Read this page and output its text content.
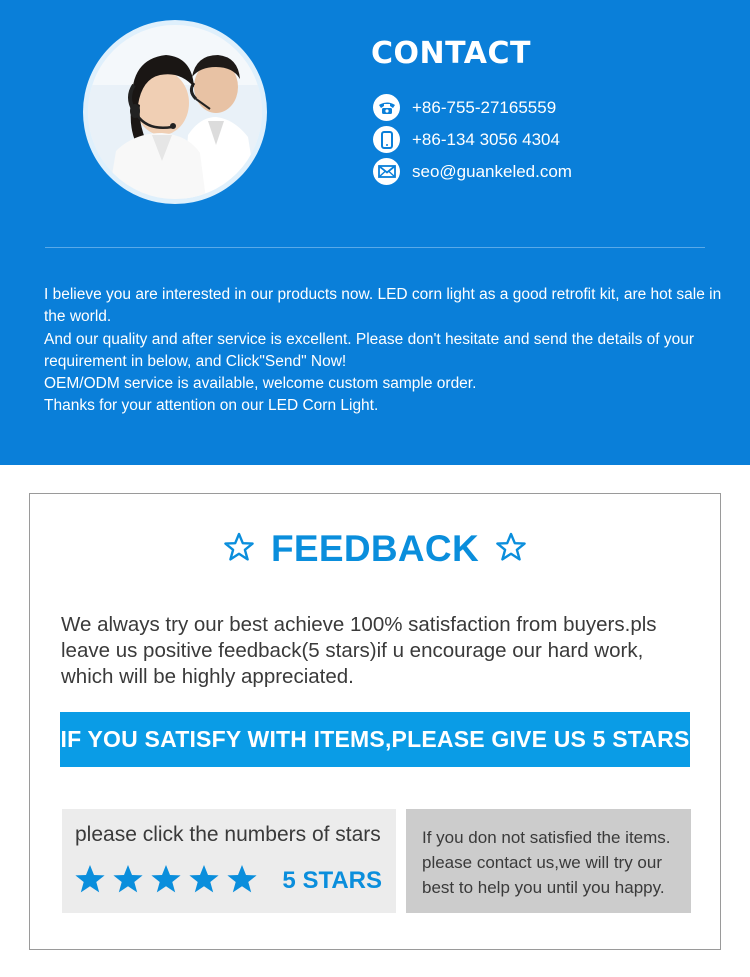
CONTACT
+86-755-27165559
+86-134 3056 4304
seo@guankeled.com

I believe you are interested in our products now. LED corn light as a good retrofit kit, are hot sale in the world.

And our quality and after service is excellent. Please don't hesitate and send the details of your requirement in below, and Click"Send" Now!

OEM/ODM service is available, welcome custom sample order.

Thanks for your attention on our LED Corn Light.

FEEDBACK

We always try our best achieve 100% satisfaction from buyers.pls leave us positive feedback(5 stars)if u encourage our hard work, which will be highly appreciated.

IF YOU SATISFY WITH ITEMS,PLEASE GIVE US 5 STARS
please click the numbers of stars
5 STARS

If you don not satisfied the items. please contact us,we will try our best to help you until you happy.
